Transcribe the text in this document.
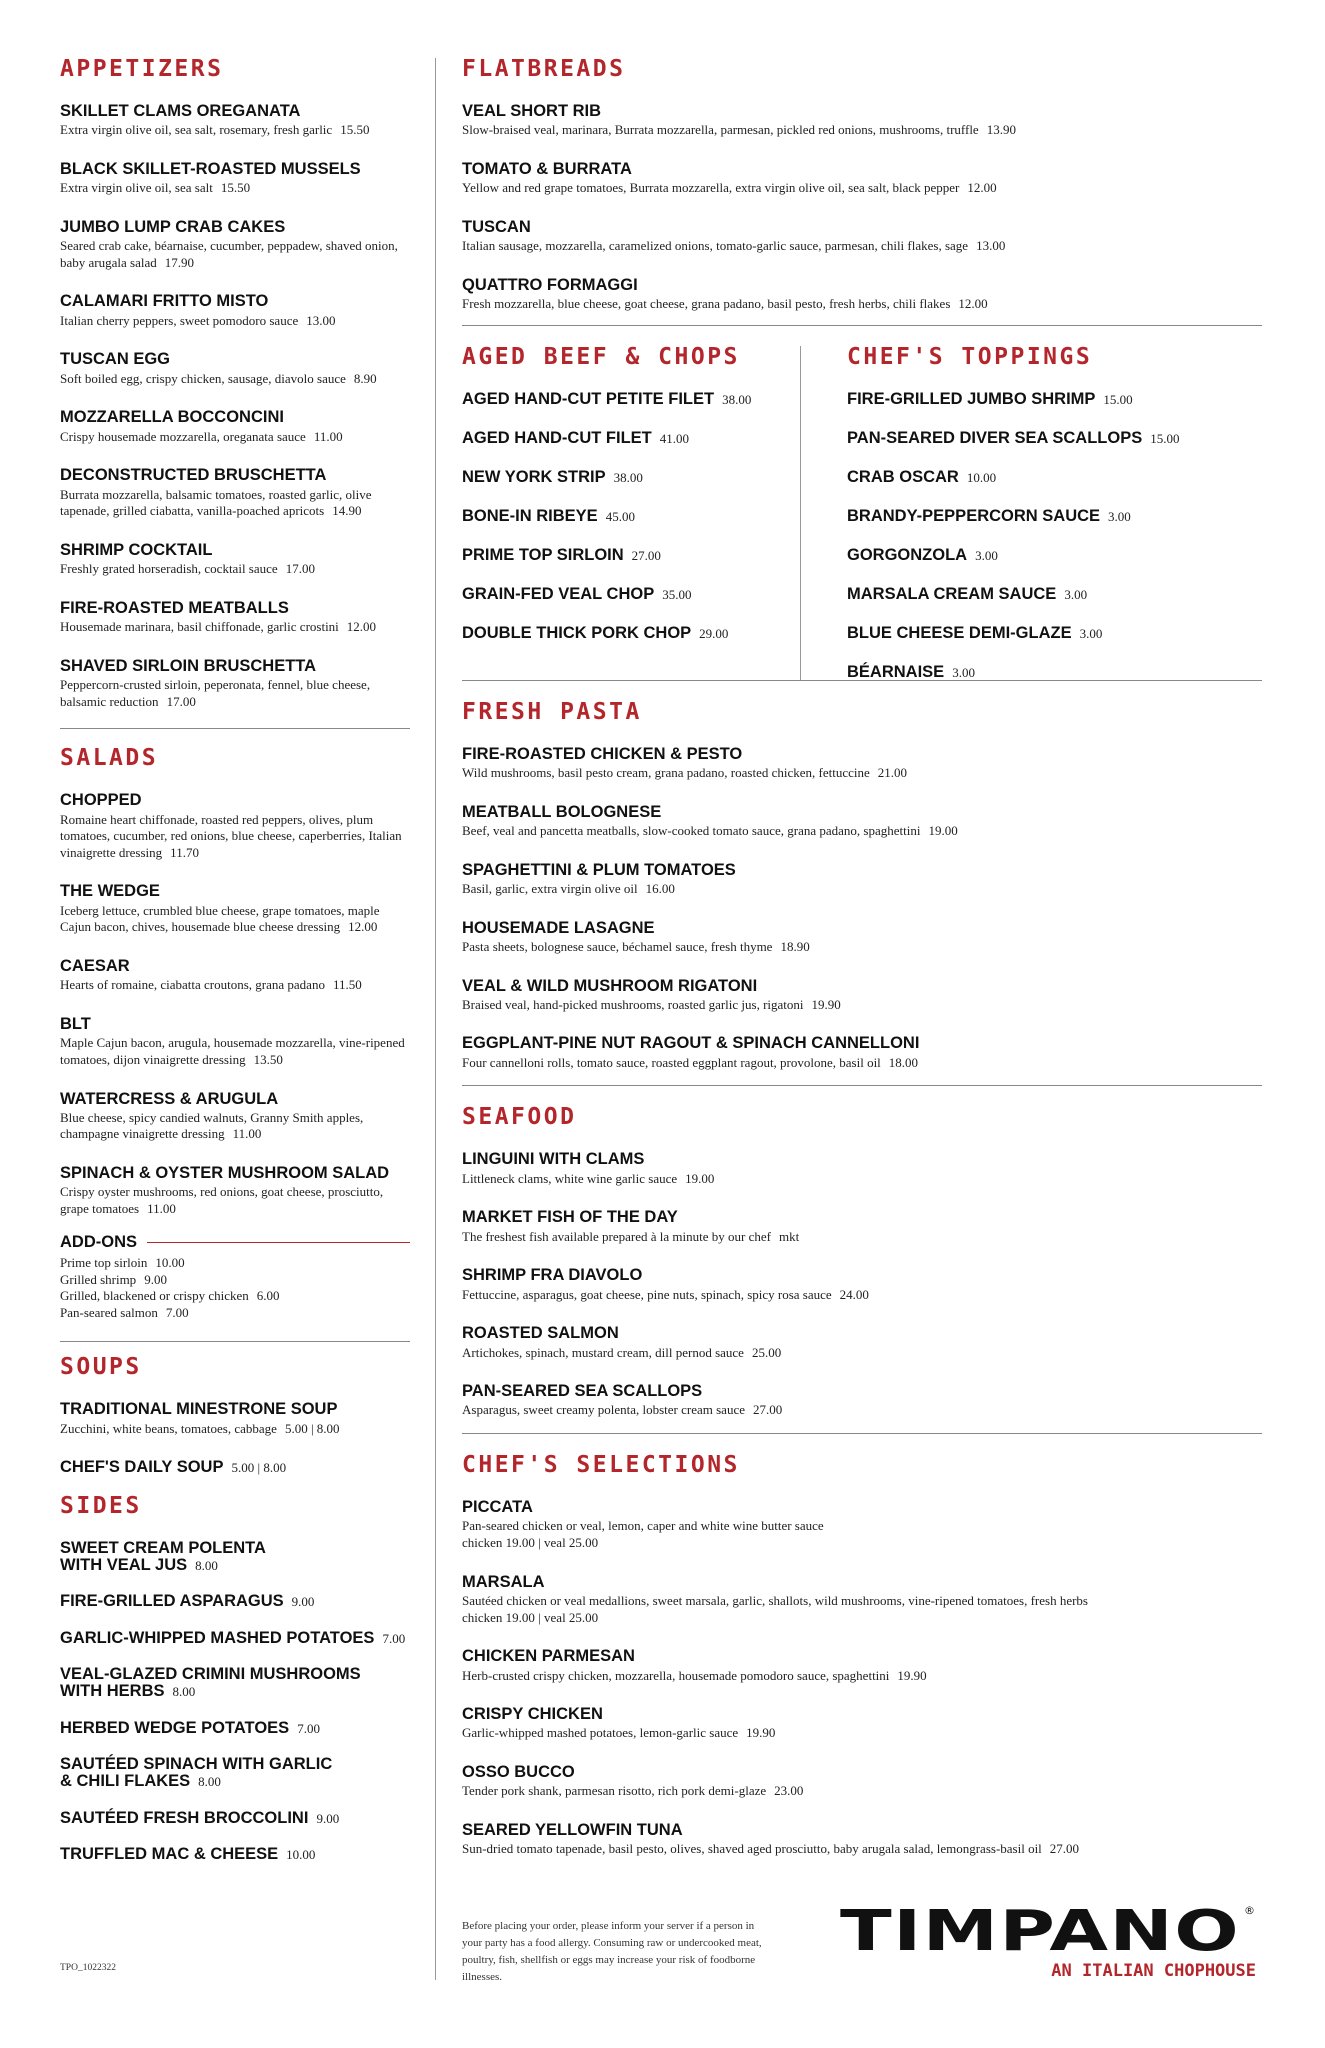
APPETIZERS
SKILLET CLAMS OREGANATA
Extra virgin olive oil, sea salt, rosemary, fresh garlic 15.50
BLACK SKILLET-ROASTED MUSSELS
Extra virgin olive oil, sea salt 15.50
JUMBO LUMP CRAB CAKES
Seared crab cake, béarnaise, cucumber, peppadew, shaved onion, baby arugala salad 17.90
CALAMARI FRITTO MISTO
Italian cherry peppers, sweet pomodoro sauce 13.00
TUSCAN EGG
Soft boiled egg, crispy chicken, sausage, diavolo sauce 8.90
MOZZARELLA BOCCONCINI
Crispy housemade mozzarella, oreganata sauce 11.00
DECONSTRUCTED BRUSCHETTA
Burrata mozzarella, balsamic tomatoes, roasted garlic, olive tapenade, grilled ciabatta, vanilla-poached apricots 14.90
SHRIMP COCKTAIL
Freshly grated horseradish, cocktail sauce 17.00
FIRE-ROASTED MEATBALLS
Housemade marinara, basil chiffonade, garlic crostini 12.00
SHAVED SIRLOIN BRUSCHETTA
Peppercorn-crusted sirloin, peperonata, fennel, blue cheese, balsamic reduction 17.00
SALADS
CHOPPED
Romaine heart chiffonade, roasted red peppers, olives, plum tomatoes, cucumber, red onions, blue cheese, caperberries, Italian vinaigrette dressing 11.70
THE WEDGE
Iceberg lettuce, crumbled blue cheese, grape tomatoes, maple Cajun bacon, chives, housemade blue cheese dressing 12.00
CAESAR
Hearts of romaine, ciabatta croutons, grana padano 11.50
BLT
Maple Cajun bacon, arugula, housemade mozzarella, vine-ripened tomatoes, dijon vinaigrette dressing 13.50
WATERCRESS & ARUGULA
Blue cheese, spicy candied walnuts, Granny Smith apples, champagne vinaigrette dressing 11.00
SPINACH & OYSTER MUSHROOM SALAD
Crispy oyster mushrooms, red onions, goat cheese, prosciutto, grape tomatoes 11.00
ADD-ONS
Prime top sirloin 10.00
Grilled shrimp 9.00
Grilled, blackened or crispy chicken 6.00
Pan-seared salmon 7.00
SOUPS
TRADITIONAL MINESTRONE SOUP
Zucchini, white beans, tomatoes, cabbage 5.00 | 8.00
CHEF'S DAILY SOUP 5.00 | 8.00
SIDES
SWEET CREAM POLENTA
WITH VEAL JUS 8.00
FIRE-GRILLED ASPARAGUS 9.00
GARLIC-WHIPPED MASHED POTATOES 7.00
VEAL-GLAZED CRIMINI MUSHROOMS
WITH HERBS 8.00
HERBED WEDGE POTATOES 7.00
SAUTÉED SPINACH WITH GARLIC
& CHILI FLAKES 8.00
SAUTÉED FRESH BROCCOLINI 9.00
TRUFFLED MAC & CHEESE 10.00
TPO_1022322
FLATBREADS
VEAL SHORT RIB
Slow-braised veal, marinara, Burrata mozzarella, parmesan, pickled red onions, mushrooms, truffle 13.90
TOMATO & BURRATA
Yellow and red grape tomatoes, Burrata mozzarella, extra virgin olive oil, sea salt, black pepper 12.00
TUSCAN
Italian sausage, mozzarella, caramelized onions, tomato-garlic sauce, parmesan, chili flakes, sage 13.00
QUATTRO FORMAGGI
Fresh mozzarella, blue cheese, goat cheese, grana padano, basil pesto, fresh herbs, chili flakes 12.00
AGED BEEF & CHOPS
AGED HAND-CUT PETITE FILET 38.00
AGED HAND-CUT FILET 41.00
NEW YORK STRIP 38.00
BONE-IN RIBEYE 45.00
PRIME TOP SIRLOIN 27.00
GRAIN-FED VEAL CHOP 35.00
DOUBLE THICK PORK CHOP 29.00
CHEF'S TOPPINGS
FIRE-GRILLED JUMBO SHRIMP 15.00
PAN-SEARED DIVER SEA SCALLOPS 15.00
CRAB OSCAR 10.00
BRANDY-PEPPERCORN SAUCE 3.00
GORGONZOLA 3.00
MARSALA CREAM SAUCE 3.00
BLUE CHEESE DEMI-GLAZE 3.00
BÉARNAISE 3.00
FRESH PASTA
FIRE-ROASTED CHICKEN & PESTO
Wild mushrooms, basil pesto cream, grana padano, roasted chicken, fettuccine 21.00
MEATBALL BOLOGNESE
Beef, veal and pancetta meatballs, slow-cooked tomato sauce, grana padano, spaghettini 19.00
SPAGHETTINI & PLUM TOMATOES
Basil, garlic, extra virgin olive oil 16.00
HOUSEMADE LASAGNE
Pasta sheets, bolognese sauce, béchamel sauce, fresh thyme 18.90
VEAL & WILD MUSHROOM RIGATONI
Braised veal, hand-picked mushrooms, roasted garlic jus, rigatoni 19.90
EGGPLANT-PINE NUT RAGOUT & SPINACH CANNELLONI
Four cannelloni rolls, tomato sauce, roasted eggplant ragout, provolone, basil oil 18.00
SEAFOOD
LINGUINI WITH CLAMS
Littleneck clams, white wine garlic sauce 19.00
MARKET FISH OF THE DAY
The freshest fish available prepared à la minute by our chef mkt
SHRIMP FRA DIAVOLO
Fettuccine, asparagus, goat cheese, pine nuts, spinach, spicy rosa sauce 24.00
ROASTED SALMON
Artichokes, spinach, mustard cream, dill pernod sauce 25.00
PAN-SEARED SEA SCALLOPS
Asparagus, sweet creamy polenta, lobster cream sauce 27.00
CHEF'S SELECTIONS
PICCATA
Pan-seared chicken or veal, lemon, caper and white wine butter sauce
chicken 19.00 | veal 25.00
MARSALA
Sautéed chicken or veal medallions, sweet marsala, garlic, shallots, wild mushrooms, vine-ripened tomatoes, fresh herbs
chicken 19.00 | veal 25.00
CHICKEN PARMESAN
Herb-crusted crispy chicken, mozzarella, housemade pomodoro sauce, spaghettini 19.90
CRISPY CHICKEN
Garlic-whipped mashed potatoes, lemon-garlic sauce 19.90
OSSO BUCCO
Tender pork shank, parmesan risotto, rich pork demi-glaze 23.00
SEARED YELLOWFIN TUNA
Sun-dried tomato tapenade, basil pesto, olives, shaved aged prosciutto, baby arugala salad, lemongrass-basil oil 27.00
Before placing your order, please inform your server if a person in your party has a food allergy. Consuming raw or undercooked meat, poultry, fish, shellfish or eggs may increase your risk of foodborne illnesses.
TIMPANO ®
AN ITALIAN CHOPHOUSE
